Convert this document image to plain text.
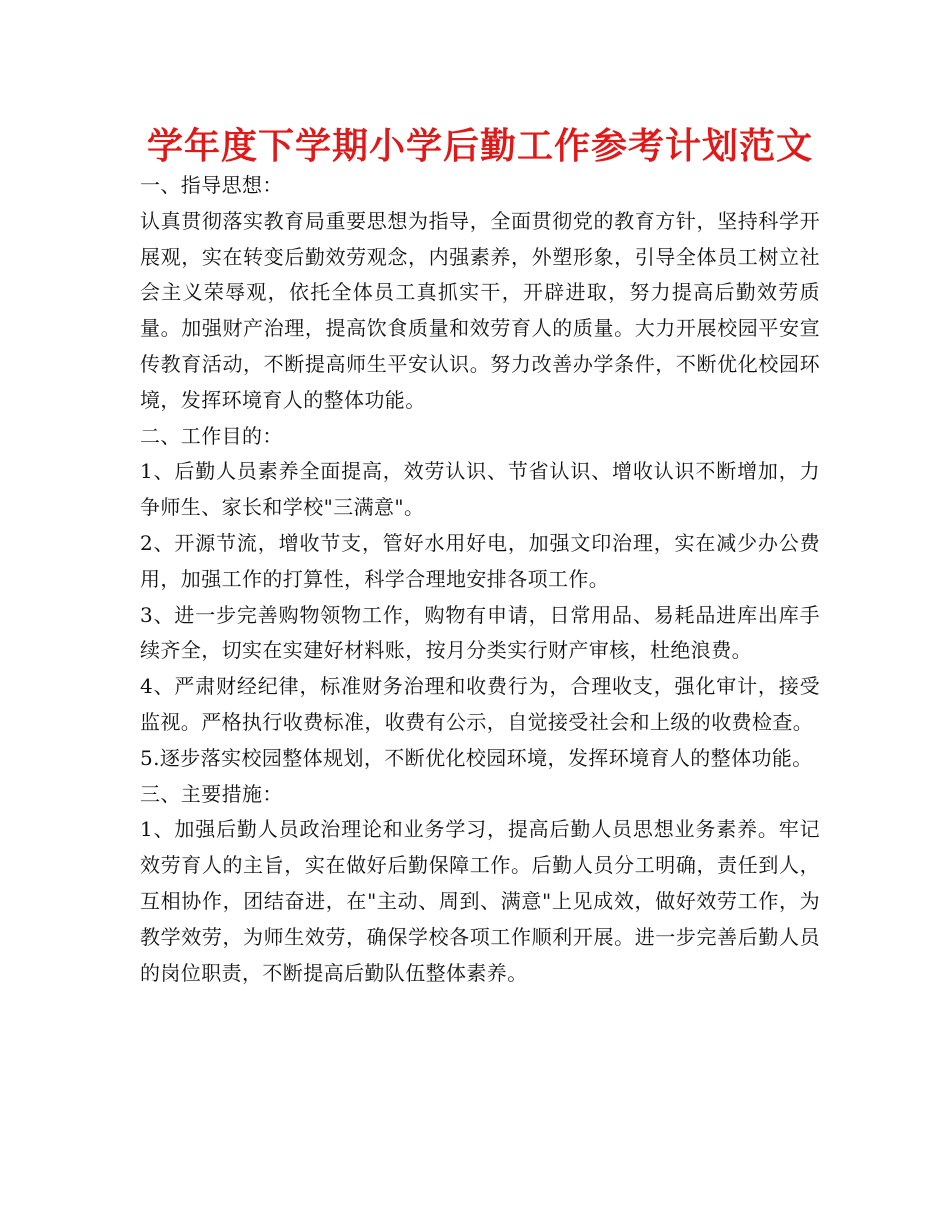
学年度下学期小学后勤工作参考计划范文

一、指导思想：

认真贯彻落实教育局重要思想为指导，全面贯彻党的教育方针，坚持科学开展观，实在转变后勤效劳观念，内强素养，外塑形象，引导全体员工树立社会主义荣辱观，依托全体员工真抓实干，开辟进取，努力提高后勤效劳质量。加强财产治理，提高饮食质量和效劳育人的质量。大力开展校园平安宣传教育活动，不断提高师生平安认识。努力改善办学条件，不断优化校园环境，发挥环境育人的整体功能。

二、工作目的：

1、后勤人员素养全面提高，效劳认识、节省认识、增收认识不断增加，力争师生、家长和学校"三满意"。

2、开源节流，增收节支，管好水用好电，加强文印治理，实在减少办公费用，加强工作的打算性，科学合理地安排各项工作。

3、进一步完善购物领物工作，购物有申请，日常用品、易耗品进库出库手续齐全，切实在实建好材料账，按月分类实行财产审核，杜绝浪费。

4、严肃财经纪律，标准财务治理和收费行为，合理收支，强化审计，接受监视。严格执行收费标准，收费有公示，自觉接受社会和上级的收费检查。

5.逐步落实校园整体规划，不断优化校园环境，发挥环境育人的整体功能。

三、主要措施：

1、加强后勤人员政治理论和业务学习，提高后勤人员思想业务素养。牢记效劳育人的主旨，实在做好后勤保障工作。后勤人员分工明确，责任到人，互相协作，团结奋进，在"主动、周到、满意"上见成效，做好效劳工作，为教学效劳，为师生效劳，确保学校各项工作顺利开展。进一步完善后勤人员的岗位职责，不断提高后勤队伍整体素养。
